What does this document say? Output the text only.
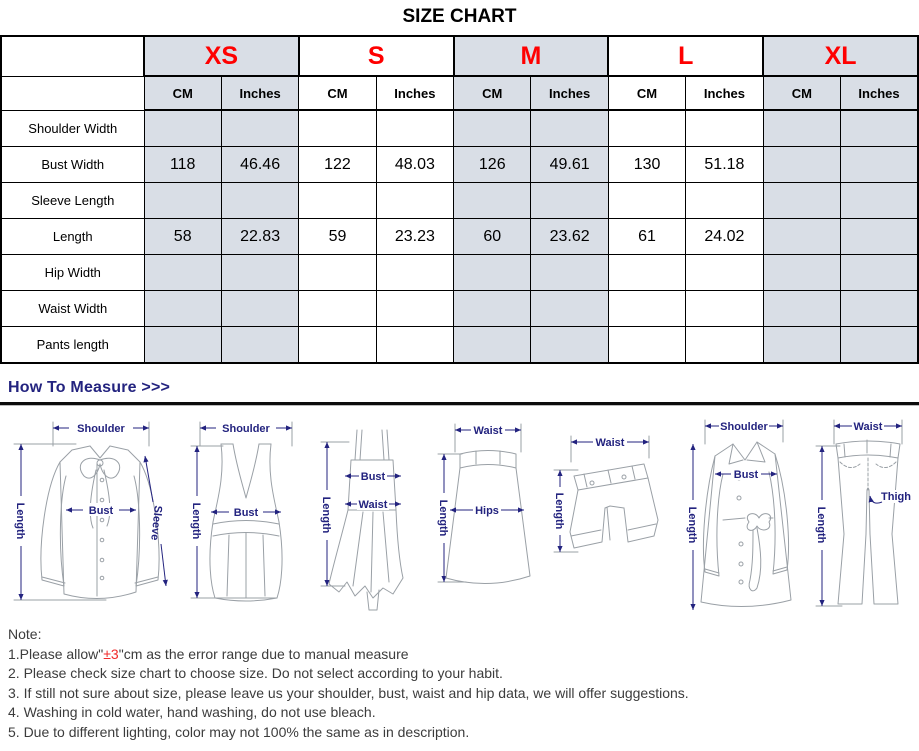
SIZE CHART
	XS		S		M		L		XL	
	CM	Inches	CM	Inches	CM	Inches	CM	Inches	CM	Inches
Shoulder Width										
Bust Width	118	46.46	122	48.03	126	49.61	130	51.18		
Sleeve Length										
Length	58	22.83	59	23.23	60	23.62	61	24.02		
Hip Width										
Waist Width										
Pants length										
How To Measure >>>
Shoulder
Length	Bust	Sleeve
Shoulder
Length	Bust	Length
Bust
Waist
Waist
Length Hips
Waist
Length
Shoulder
Length
Bust
Waist
Length
Thigh
Note:
1.Please allow"±3"cm as the error range due to manual measure
2. Please check size chart to choose size. Do not select according to your habit.
3. If still not sure about size, please leave us your shoulder, bust, waist and hip data, we will offer suggestions.
4. Washing in cold water, hand washing, do not use bleach.
5. Due to different lighting, color may not 100% the same as in description.
